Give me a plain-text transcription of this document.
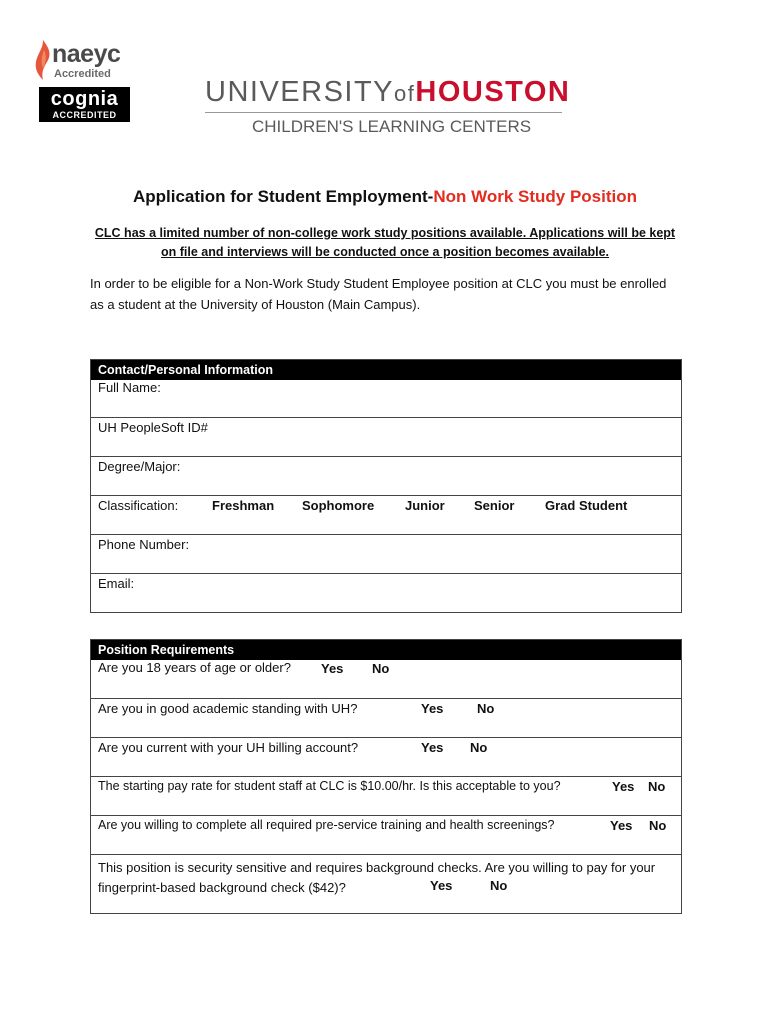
naeyc
Accredited
cognia
ACCREDITED
UNIVERSITYofHOUSTON
CHILDREN'S LEARNING CENTERS
Application for Student Employment-Non Work Study Position
CLC has a limited number of non-college work study positions available. Applications will be kept on file and interviews will be conducted once a position becomes available.
In order to be eligible for a Non-Work Study Student Employee position at CLC you must be enrolled as a student at the University of Houston (Main Campus).
Contact/Personal Information
Full Name:
UH PeopleSoft ID#
Degree/Major:
Classification:	Freshman Sophomore Junior Senior Grad Student
Phone Number:
Email:
Position Requirements
Are you 18 years of age or older? Yes No
Are you in good academic standing with UH?	Yes	No
Are you current with your UH billing account?	Yes No
The starting pay rate for student staff at CLC is $10.00/hr. Is this acceptable to you?	Yes No
Are you willing to complete all required pre-service training and health screenings?	Yes No
This position is security sensitive and requires background checks. Are you willing to pay for your fingerprint-based background check ($42)?	Yes	No
